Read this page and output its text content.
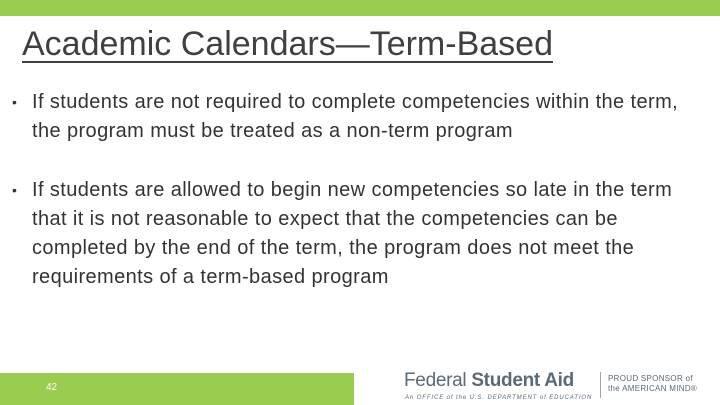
Academic Calendars—Term-Based
• If students are not required to complete competencies within the term, the program must be treated as a non-term program
• If students are allowed to begin new competencies so late in the term that it is not reasonable to expect that the competencies can be completed by the end of the term, the program does not meet the requirements of a term-based program
42	Federal Student Aid
An OFFICE of the U.S. DEPARTMENT of EDUCATION
PROUD SPONSOR of
the AMERICAN MIND®
